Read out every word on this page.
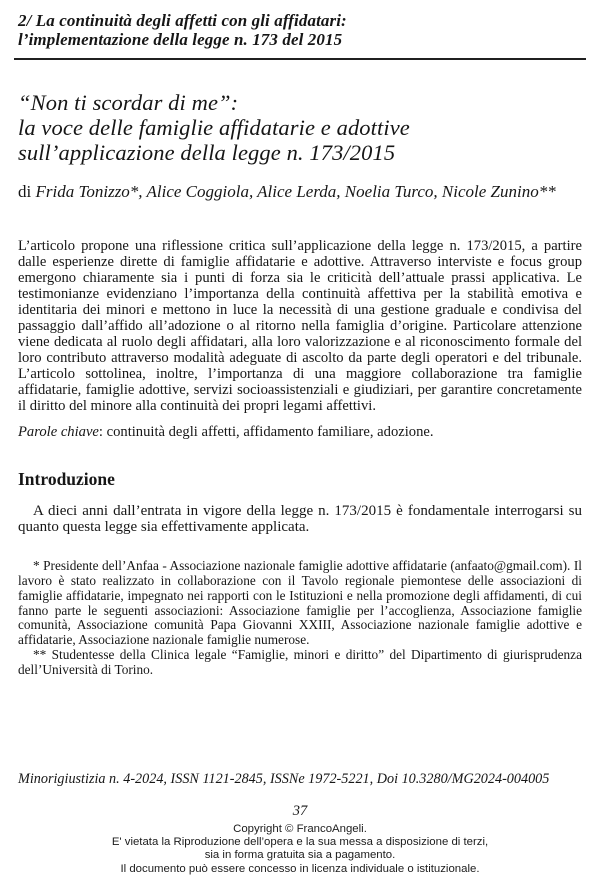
2/ La continuità degli affetti con gli affidatari:
l’implementazione della legge n. 173 del 2015
“Non ti scordar di me”:
la voce delle famiglie affidatarie e adottive
sull’applicazione della legge n. 173/2015

di Frida Tonizzo*, Alice Coggiola, Alice Lerda, Noelia Turco, Nicole Zunino**

L’articolo propone una riflessione critica sull’applicazione della legge n. 173/2015, a partire dalle esperienze dirette di famiglie affidatarie e adottive. Attraverso interviste e focus group emergono chiaramente sia i punti di forza sia le criticità dell’attuale prassi applicativa. Le testimonianze evidenziano l’importanza della continuità affettiva per la stabilità emotiva e identitaria dei minori e mettono in luce la necessità di una gestione graduale e condivisa del passaggio dall’affido all’adozione o al ritorno nella famiglia d’origine. Particolare attenzione viene dedicata al ruolo degli affidatari, alla loro valorizzazione e al riconoscimento formale del loro contributo attraverso modalità adeguate di ascolto da parte degli operatori e del tribunale. L’articolo sottolinea, inoltre, l’importanza di una maggiore collaborazione tra famiglie affidatarie, famiglie adottive, servizi socioassistenziali e giudiziari, per garantire concretamente il diritto del minore alla continuità dei propri legami affettivi.

Parole chiave: continuità degli affetti, affidamento familiare, adozione.

Introduzione

A dieci anni dall’entrata in vigore della legge n. 173/2015 è fondamentale interrogarsi su quanto questa legge sia effettivamente applicata.

* Presidente dell’Anfaa - Associazione nazionale famiglie adottive affidatarie (anfaato@gmail.com). Il lavoro è stato realizzato in collaborazione con il Tavolo regionale piemontese delle associazioni di famiglie affidatarie, impegnato nei rapporti con le Istituzioni e nella promozione degli affidamenti, di cui fanno parte le seguenti associazioni: Associazione famiglie per l’accoglienza, Associazione famiglie comunità, Associazione comunità Papa Giovanni XXIII, Associazione nazionale famiglie adottive e affidatarie, Associazione nazionale famiglie numerose.

** Studentesse della Clinica legale “Famiglie, minori e diritto” del Dipartimento di giurisprudenza dell’Università di Torino.

Minorigiustizia n. 4-2024, ISSN 1121-2845, ISSNe 1972-5221, Doi 10.3280/MG2024-004005

37
Copyright © FrancoAngeli.
E' vietata la Riproduzione dell’opera e la sua messa a disposizione di terzi,
sia in forma gratuita sia a pagamento.
Il documento può essere concesso in licenza individuale o istituzionale.
